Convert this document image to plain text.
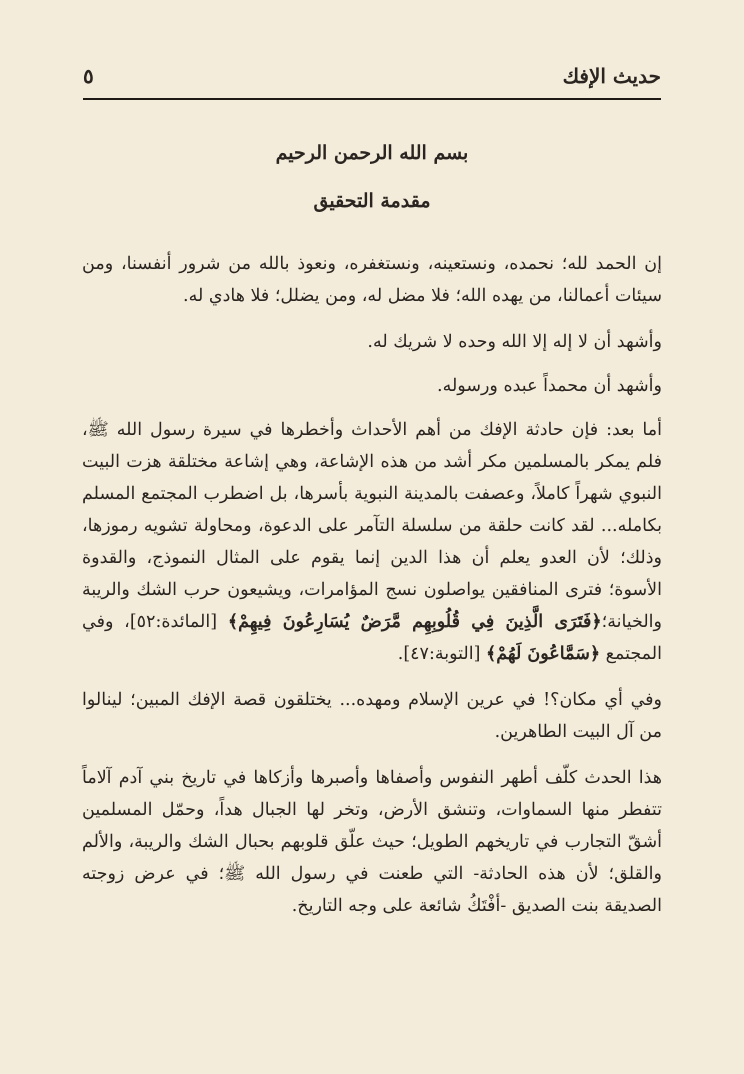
حديث الإفك
٥
بسم الله الرحمن الرحيم
مقدمة التحقيق

إن الحمد لله؛ نحمده، ونستعينه، ونستغفره، ونعوذ بالله من شرور أنفسنا، ومن سيئات أعمالنا، من يهده الله؛ فلا مضل له، ومن يضلل؛ فلا هادي له.

وأشهد أن لا إله إلا الله وحده لا شريك له.

وأشهد أن محمداً عبده ورسوله.

أما بعد: فإن حادثة الإفك من أهم الأحداث وأخطرها في سيرة رسول الله ﷺ، فلم يمكر بالمسلمين مكر أشد من هذه الإشاعة، وهي إشاعة مختلقة هزت البيت النبوي شهراً كاملاً، وعصفت بالمدينة النبوية بأسرها، بل اضطرب المجتمع المسلم بكامله... لقد كانت حلقة من سلسلة التآمر على الدعوة، ومحاولة تشويه رموزها، وذلك؛ لأن العدو يعلم أن هذا الدين إنما يقوم على المثال النموذج، والقدوة الأسوة؛ فترى المنافقين يواصلون نسج المؤامرات، ويشيعون حرب الشك والريبة والخيانة؛﴿فَتَرَى الَّذِينَ فِي قُلُوبِهِم مَّرَضٌ يُسَارِعُونَ فِيهِمْ﴾ [المائدة:٥٢]، وفي المجتمع ﴿سَمَّاعُونَ لَهُمْ﴾ [التوبة:٤٧].

وفي أي مكان؟! في عرين الإسلام ومهده... يختلقون قصة الإفك المبين؛ لينالوا من آل البيت الطاهرين.

هذا الحدث كلّف أطهر النفوس وأصفاها وأصبرها وأزكاها في تاريخ بني آدم آلاماً تتفطر منها السماوات، وتنشق الأرض، وتخر لها الجبال هداً، وحمّل المسلمين أشقّ التجارب في تاريخهم الطويل؛ حيث علّق قلوبهم بحبال الشك والريبة، والألم والقلق؛ لأن هذه الحادثة- التي طعنت في رسول الله ﷺ؛ في عرض زوجته الصديقة بنت الصديق -أفْتَكُ شائعة على وجه التاريخ.
